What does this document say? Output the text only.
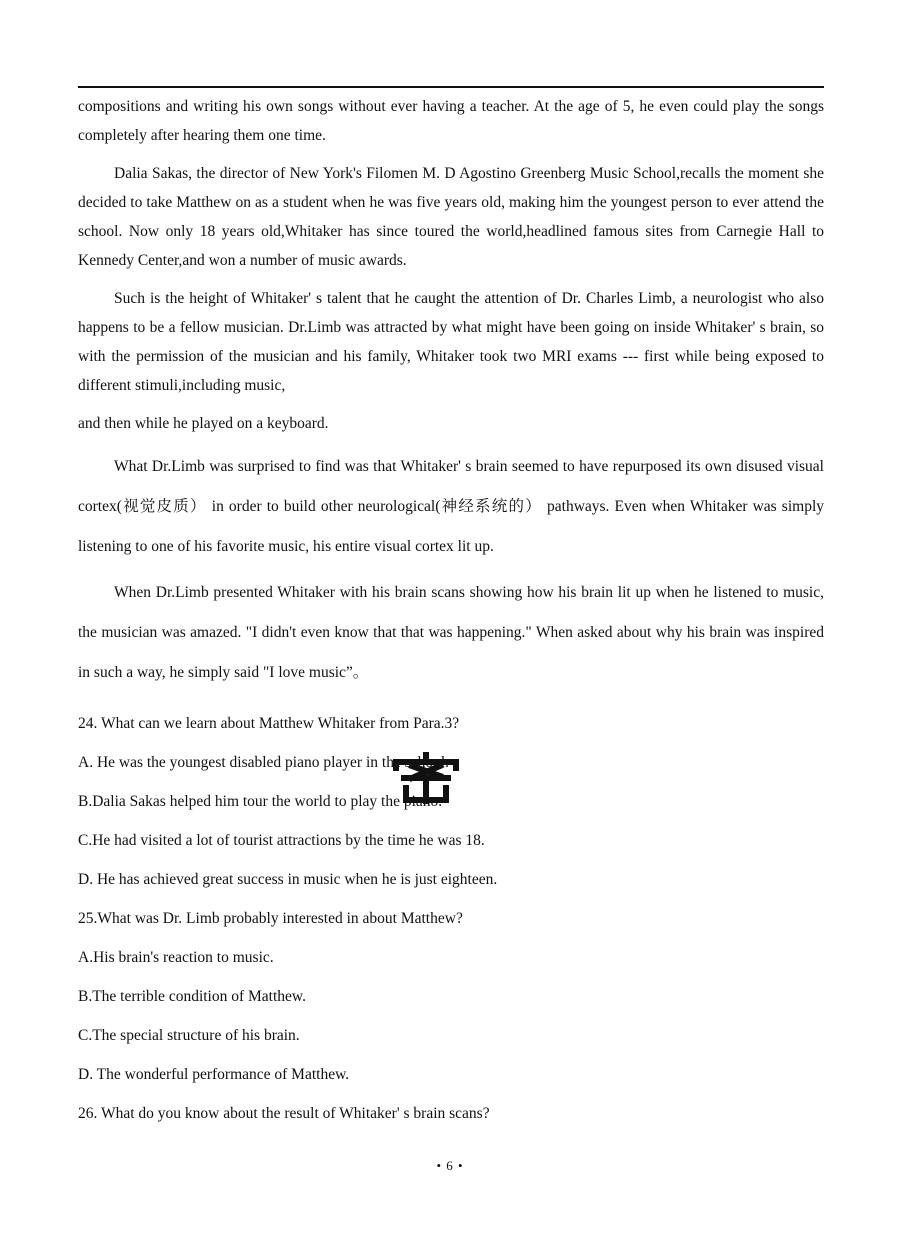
compositions and writing his own songs without ever having a teacher. At the age of 5, he even could play the songs completely after hearing them one time.

Dalia Sakas, the director of New York's Filomen M. D Agostino Greenberg Music School,recalls the moment she decided to take Matthew on as a student when he was five years old, making him the youngest person to ever attend the school. Now only 18 years old,Whitaker has since toured the world,headlined famous sites from Carnegie Hall to Kennedy Center,and won a number of music awards.

Such is the height of Whitaker' s talent that he caught the attention of Dr. Charles Limb, a neurologist who also happens to be a fellow musician. Dr.Limb was attracted by what might have been going on inside Whitaker' s brain, so with the permission of the musician and his family, Whitaker took two MRI exams --- first while being exposed to different stimuli,including music,

and then while he played on a keyboard.

What Dr.Limb was surprised to find was that Whitaker' s brain seemed to have repurposed its own disused visual cortex(视觉皮质） in order to build other neurological(神经系统的） pathways. Even when Whitaker was simply listening to one of his favorite music, his entire visual cortex lit up.

When Dr.Limb presented Whitaker with his brain scans showing how his brain lit up when he listened to music, the musician was amazed. "I didn't even know that that was happening." When asked about why his brain was inspired in such a way, he simply said "I love music”。

24. What can we learn about Matthew Whitaker from Para.3?
A. He was the youngest disabled piano player in the school.
B.Dalia Sakas helped him tour the world to play the piano.
C.He had visited a lot of tourist attractions by the time he was 18.
D. He has achieved great success in music when he is just eighteen.
25.What was Dr. Limb probably interested in about Matthew?
A.His brain's reaction to music.
B.The terrible condition of Matthew.
C.The special structure of his brain.
D. The wonderful performance of Matthew.
26. What do you know about the result of Whitaker' s brain scans?
• 6 •
